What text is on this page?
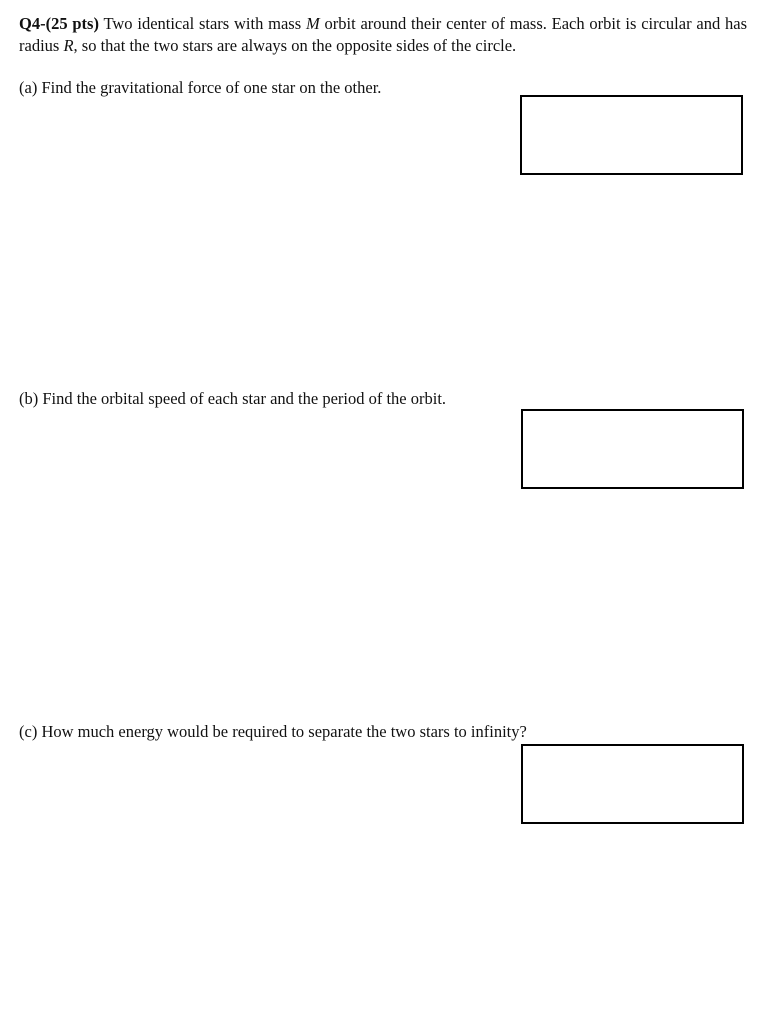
Q4-(25 pts) Two identical stars with mass M orbit around their center of mass. Each orbit is circular and has radius R, so that the two stars are always on the opposite sides of the circle.
(a) Find the gravitational force of one star on the other.
(b) Find the orbital speed of each star and the period of the orbit.
(c) How much energy would be required to separate the two stars to infinity?
